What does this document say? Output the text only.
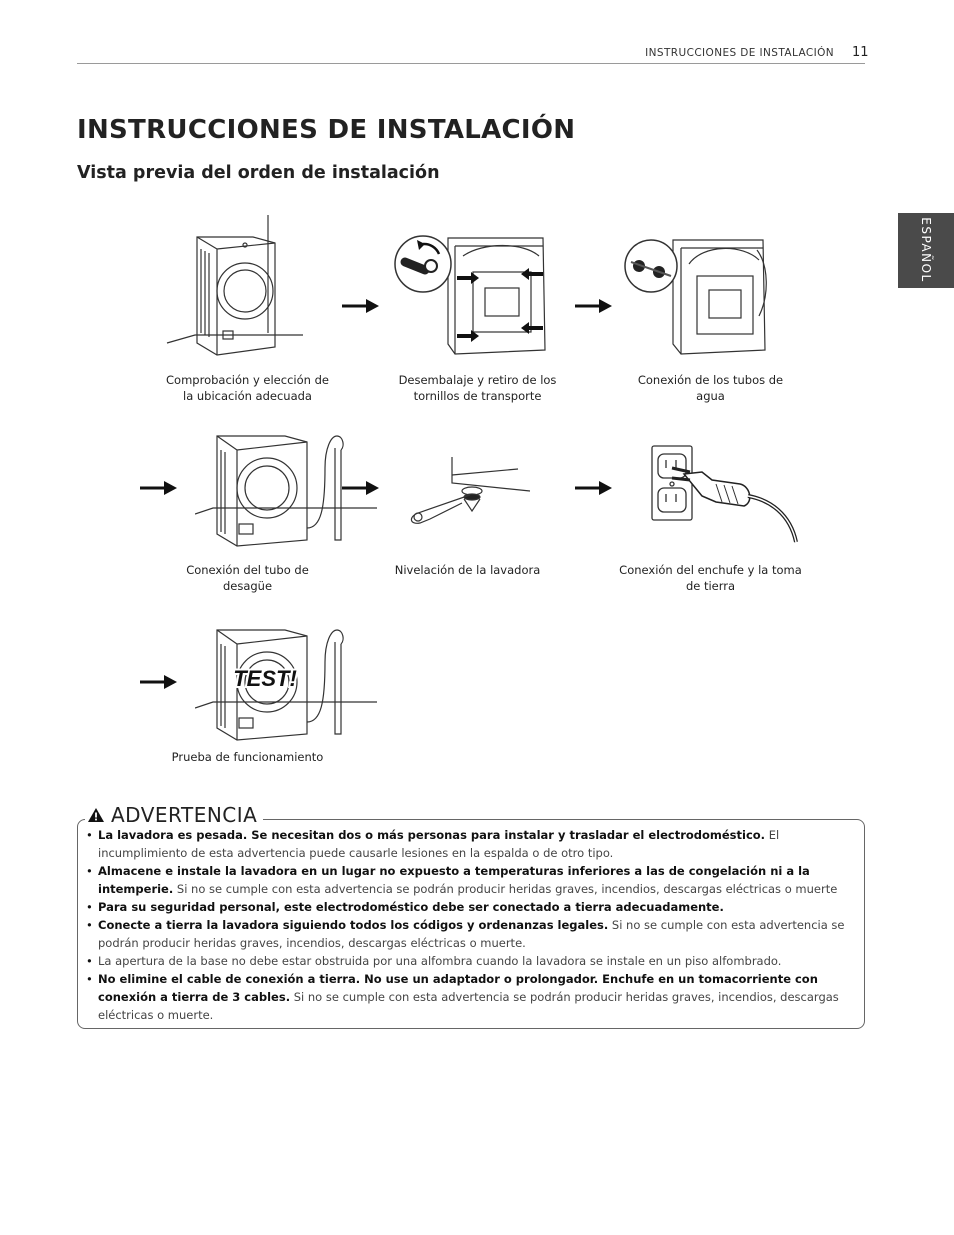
INSTRUCCIONES DE INSTALACIÓN 11
ESPAÑOL
INSTRUCCIONES DE INSTALACIÓN
Vista previa del orden de instalación
Comprobación y elección de
la ubicación adecuada
Desembalaje y retiro de los
tornillos de transporte
Conexión de los tubos de
agua
Conexión del tubo de
desagüe
Nivelación de la lavadora	Conexión del enchufe y la toma
de tierra
TEST!
Prueba de funcionamiento
ADVERTENCIA
• La lavadora es pesada. Se necesitan dos o más personas para instalar y trasladar el electrodoméstico. El incumplimiento de esta advertencia puede causarle lesiones en la espalda o de otro tipo.
• Almacene e instale la lavadora en un lugar no expuesto a temperaturas inferiores a las de congelación ni a la intemperie. Si no se cumple con esta advertencia se podrán producir heridas graves, incendios, descargas eléctricas o muerte
• Para su seguridad personal, este electrodoméstico debe ser conectado a tierra adecuadamente.
• Conecte a tierra la lavadora siguiendo todos los códigos y ordenanzas legales. Si no se cumple con esta advertencia se podrán producir heridas graves, incendios, descargas eléctricas o muerte.
• La apertura de la base no debe estar obstruida por una alfombra cuando la lavadora se instale en un piso alfombrado.
• No elimine el cable de conexión a tierra. No use un adaptador o prolongador. Enchufe en un tomacorriente con conexión a tierra de 3 cables. Si no se cumple con esta advertencia se podrán producir heridas graves, incendios, descargas eléctricas o muerte.
